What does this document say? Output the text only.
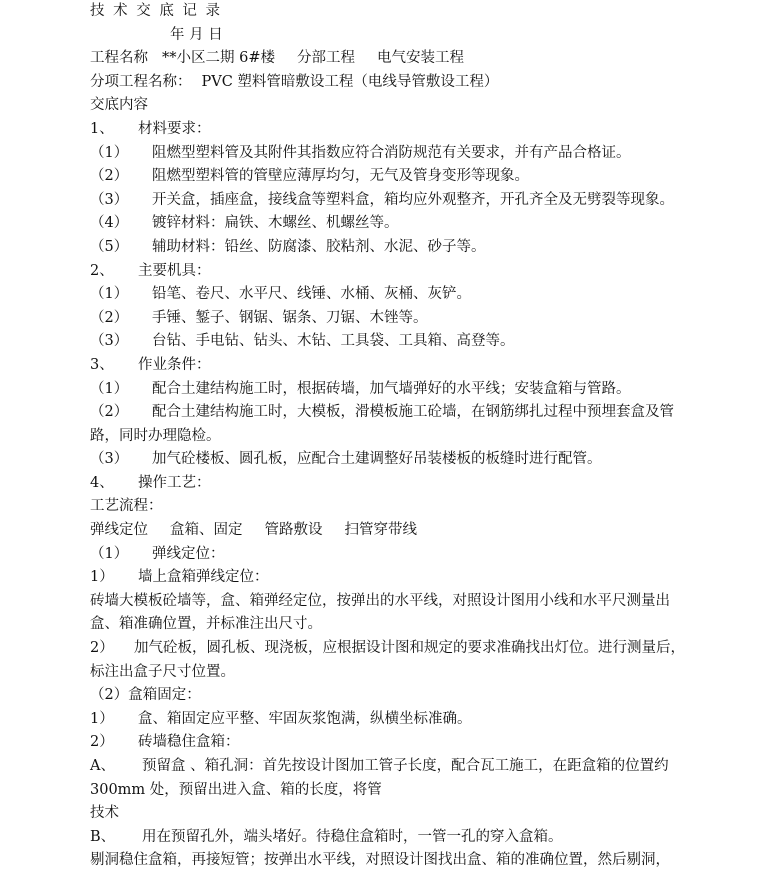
技 术 交 底 记 录
年 月 日
工程名称 **小区二期 6#楼 分部工程 电气安装工程
分项工程名称： PVC 塑料管暗敷设工程（电线导管敷设工程）
交底内容
1、 材料要求：
（1） 阻燃型塑料管及其附件其指数应符合消防规范有关要求，并有产品合格证。
（2） 阻燃型塑料管的管壁应薄厚均匀，无气及管身变形等现象。
（3） 开关盒，插座盒，接线盒等塑料盒，箱均应外观整齐，开孔齐全及无劈裂等现象。
（4） 镀锌材料：扁铁、木螺丝、机螺丝等。
（5） 辅助材料：铅丝、防腐漆、胶粘剂、水泥、砂子等。
2、 主要机具：
（1） 铅笔、卷尺、水平尺、线锤、水桶、灰桶、灰铲。
（2） 手锤、錾子、钢锯、锯条、刀锯、木锉等。
（3） 台钻、手电钻、钻头、木钻、工具袋、工具箱、高登等。
3、 作业条件：
（1） 配合土建结构施工时，根据砖墙，加气墙弹好的水平线；安装盒箱与管路。
（2） 配合土建结构施工时，大模板，滑模板施工砼墙，在钢筋绑扎过程中预埋套盒及管
路，同时办理隐检。
（3） 加气砼楼板、圆孔板，应配合土建调整好吊装楼板的板缝时进行配管。
4、 操作工艺：
工艺流程：
弹线定位 盒箱、固定 管路敷设 扫管穿带线
（1） 弹线定位：
1） 墙上盒箱弹线定位：
砖墙大模板砼墙等，盒、箱弹经定位，按弹出的水平线，对照设计图用小线和水平尺测量出
盒、箱准确位置，并标准注出尺寸。
2） 加气砼板，圆孔板、现浇板，应根据设计图和规定的要求准确找出灯位。进行测量后，
标注出盒子尺寸位置。
（2）盒箱固定：
1） 盒、箱固定应平整、牢固灰浆饱满，纵横坐标准确。
2） 砖墙稳住盒箱：
A、 预留盒 、箱孔洞：首先按设计图加工管子长度，配合瓦工施工，在距盒箱的位置约
300mm 处，预留出进入盒、箱的长度，将管
技术
B、 用在预留孔外，端头堵好。待稳住盒箱时，一管一孔的穿入盒箱。
剔洞稳住盒箱，再接短管；按弹出水平线，对照设计图找出盒、箱的准确位置，然后剔洞，
